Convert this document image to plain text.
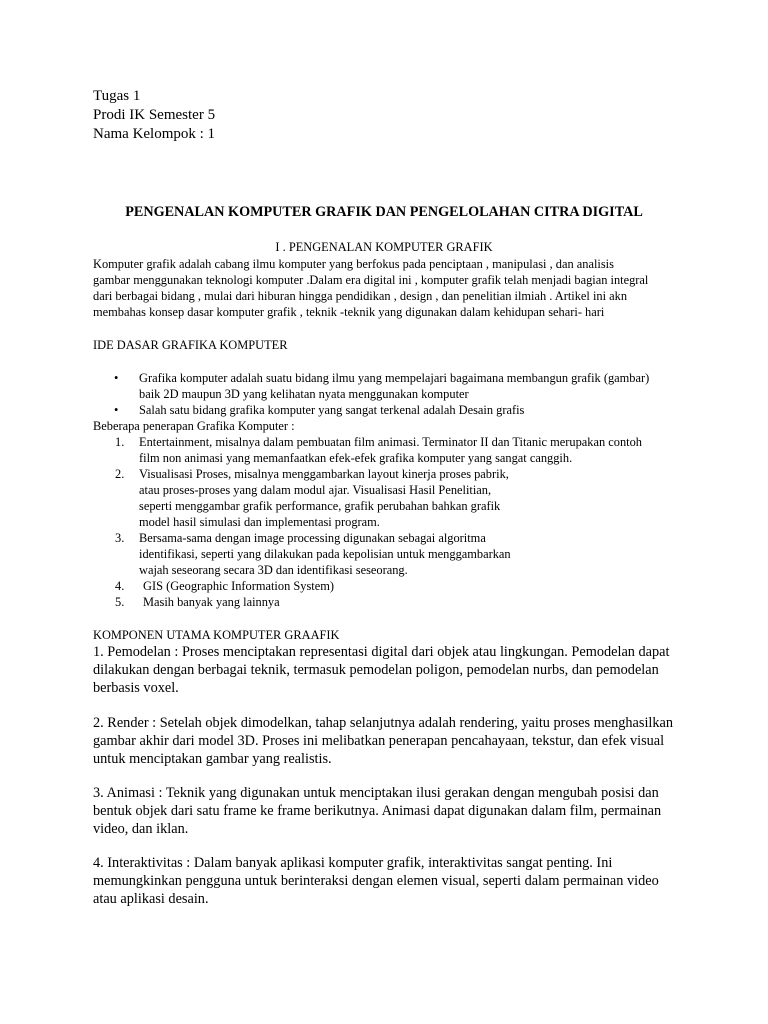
Tugas 1
Prodi IK Semester 5
Nama Kelompok : 1
PENGENALAN KOMPUTER GRAFIK DAN PENGELOLAHAN CITRA DIGITAL
I . PENGENALAN KOMPUTER GRAFIK
Komputer grafik adalah cabang ilmu komputer yang berfokus pada penciptaan , manipulasi , dan analisis
gambar menggunakan teknologi komputer .Dalam era digital ini , komputer grafik telah menjadi bagian integral
dari berbagai bidang , mulai dari hiburan hingga pendidikan , design , dan penelitian ilmiah . Artikel ini akn
membahas konsep dasar komputer grafik , teknik -teknik yang digunakan dalam kehidupan sehari- hari
IDE DASAR GRAFIKA KOMPUTER
• Grafika komputer adalah suatu bidang ilmu yang mempelajari bagaimana membangun grafik (gambar)
baik 2D maupun 3D yang kelihatan nyata menggunakan komputer
• Salah satu bidang grafika komputer yang sangat terkenal adalah Desain grafis
Beberapa penerapan Grafika Komputer :
1. Entertainment, misalnya dalam pembuatan film animasi. Terminator II dan Titanic merupakan contoh
film non animasi yang memanfaatkan efek-efek grafika komputer yang sangat canggih.
2. Visualisasi Proses, misalnya menggambarkan layout kinerja proses pabrik,
atau proses-proses yang dalam modul ajar. Visualisasi Hasil Penelitian,
seperti menggambar grafik performance, grafik perubahan bahkan grafik
model hasil simulasi dan implementasi program.
3. Bersama-sama dengan image processing digunakan sebagai algoritma
identifikasi, seperti yang dilakukan pada kepolisian untuk menggambarkan
wajah seseorang secara 3D dan identifikasi seseorang.
4. GIS (Geographic Information System)
5. Masih banyak yang lainnya
KOMPONEN UTAMA KOMPUTER GRAAFIK
1. Pemodelan : Proses menciptakan representasi digital dari objek atau lingkungan. Pemodelan dapat
dilakukan dengan berbagai teknik, termasuk pemodelan poligon, pemodelan nurbs, dan pemodelan
berbasis voxel.
2. Render : Setelah objek dimodelkan, tahap selanjutnya adalah rendering, yaitu proses menghasilkan
gambar akhir dari model 3D. Proses ini melibatkan penerapan pencahayaan, tekstur, dan efek visual
untuk menciptakan gambar yang realistis.
3. Animasi : Teknik yang digunakan untuk menciptakan ilusi gerakan dengan mengubah posisi dan
bentuk objek dari satu frame ke frame berikutnya. Animasi dapat digunakan dalam film, permainan
video, dan iklan.
4. Interaktivitas : Dalam banyak aplikasi komputer grafik, interaktivitas sangat penting. Ini
memungkinkan pengguna untuk berinteraksi dengan elemen visual, seperti dalam permainan video
atau aplikasi desain.
